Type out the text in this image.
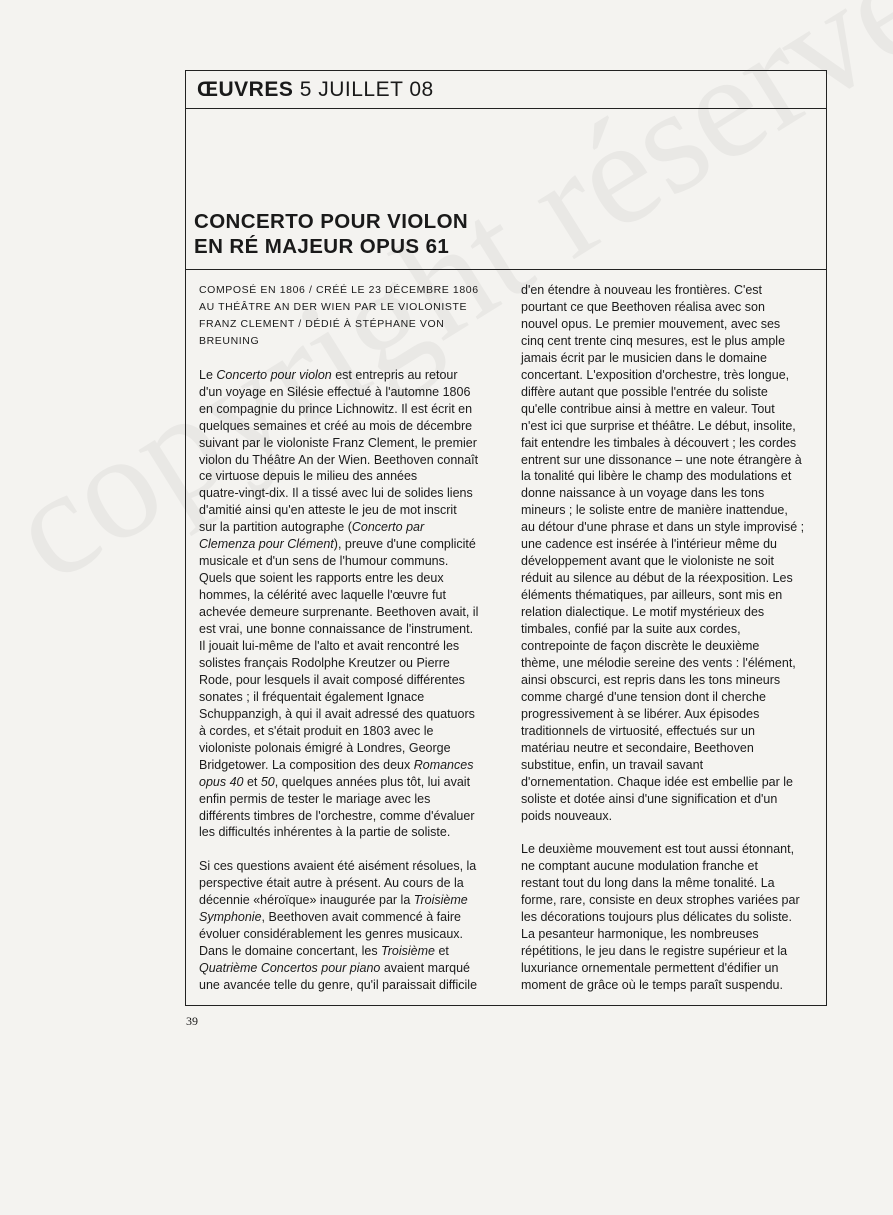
ŒUVRES 5 JUILLET 08
CONCERTO POUR VIOLON
EN RÉ MAJEUR OPUS 61
COMPOSÉ EN 1806 / CRÉÉ LE 23 DÉCEMBRE 1806
AU THÉÂTRE AN DER WIEN PAR LE VIOLONISTE
FRANZ CLEMENT / DÉDIÉ À STÉPHANE VON
BREUNING
Le Concerto pour violon est entrepris au retour
d'un voyage en Silésie effectué à l'automne 1806
en compagnie du prince Lichnowitz. Il est écrit en
quelques semaines et créé au mois de décembre
suivant par le violoniste Franz Clement, le premier
violon du Théâtre An der Wien. Beethoven connaît
ce virtuose depuis le milieu des années
quatre-vingt-dix. Il a tissé avec lui de solides liens
d'amitié ainsi qu'en atteste le jeu de mot inscrit
sur la partition autographe (Concerto par
Clemenza pour Clément), preuve d'une complicité
musicale et d'un sens de l'humour communs.
Quels que soient les rapports entre les deux
hommes, la célérité avec laquelle l'œuvre fut
achevée demeure surprenante. Beethoven avait, il
est vrai, une bonne connaissance de l'instrument.
Il jouait lui-même de l'alto et avait rencontré les
solistes français Rodolphe Kreutzer ou Pierre
Rode, pour lesquels il avait composé différentes
sonates ; il fréquentait également Ignace
Schuppanzigh, à qui il avait adressé des quatuors
à cordes, et s'était produit en 1803 avec le
violoniste polonais émigré à Londres, George
Bridgetower. La composition des deux Romances
opus 40 et 50, quelques années plus tôt, lui avait
enfin permis de tester le mariage avec les
différents timbres de l'orchestre, comme d'évaluer
les difficultés inhérentes à la partie de soliste.
Si ces questions avaient été aisément résolues, la
perspective était autre à présent. Au cours de la
décennie «héroïque» inaugurée par la Troisième
Symphonie, Beethoven avait commencé à faire
évoluer considérablement les genres musicaux.
Dans le domaine concertant, les Troisième et
Quatrième Concertos pour piano avaient marqué
une avancée telle du genre, qu'il paraissait difficile
d'en étendre à nouveau les frontières. C'est
pourtant ce que Beethoven réalisa avec son
nouvel opus. Le premier mouvement, avec ses
cinq cent trente cinq mesures, est le plus ample
jamais écrit par le musicien dans le domaine
concertant. L'exposition d'orchestre, très longue,
diffère autant que possible l'entrée du soliste
qu'elle contribue ainsi à mettre en valeur. Tout
n'est ici que surprise et théâtre. Le début, insolite,
fait entendre les timbales à découvert ; les cordes
entrent sur une dissonance – une note étrangère à
la tonalité qui libère le champ des modulations et
donne naissance à un voyage dans les tons
mineurs ; le soliste entre de manière inattendue,
au détour d'une phrase et dans un style improvisé ;
une cadence est insérée à l'intérieur même du
développement avant que le violoniste ne soit
réduit au silence au début de la réexposition. Les
éléments thématiques, par ailleurs, sont mis en
relation dialectique. Le motif mystérieux des
timbales, confié par la suite aux cordes,
contrepointe de façon discrète le deuxième
thème, une mélodie sereine des vents : l'élément,
ainsi obscurci, est repris dans les tons mineurs
comme chargé d'une tension dont il cherche
progressivement à se libérer. Aux épisodes
traditionnels de virtuosité, effectués sur un
matériau neutre et secondaire, Beethoven
substitue, enfin, un travail savant
d'ornementation. Chaque idée est embellie par le
soliste et dotée ainsi d'une signification et d'un
poids nouveaux.
Le deuxième mouvement est tout aussi étonnant,
ne comptant aucune modulation franche et
restant tout du long dans la même tonalité. La
forme, rare, consiste en deux strophes variées par
les décorations toujours plus délicates du soliste.
La pesanteur harmonique, les nombreuses
répétitions, le jeu dans le registre supérieur et la
luxuriance ornementale permettent d'édifier un
moment de grâce où le temps paraît suspendu.
39
